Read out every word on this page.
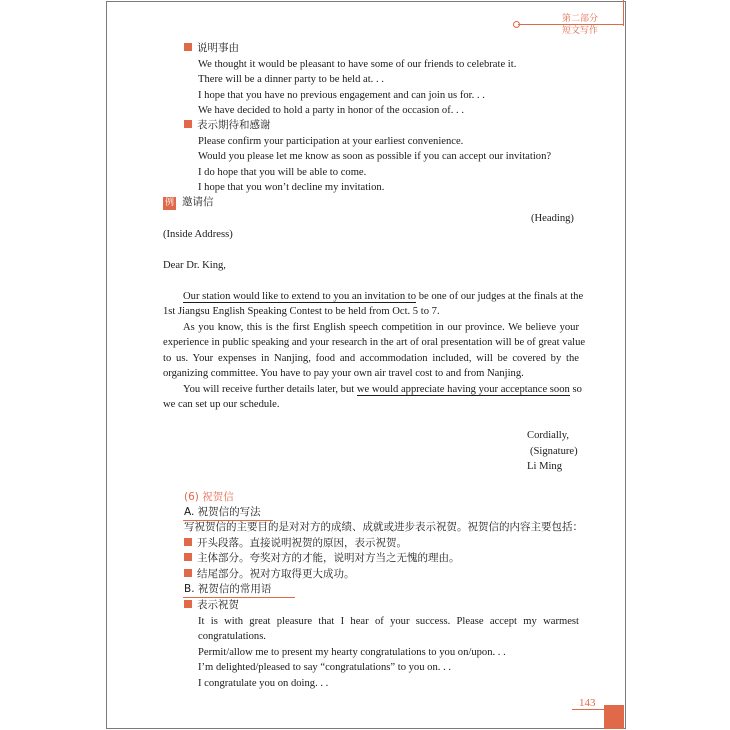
第二部分
短文写作
说明事由
We thought it would be pleasant to have some of our friends to celebrate it.
There will be a dinner party to be held at. . .
I hope that you have no previous engagement and can join us for. . .
We have decided to hold a party in honor of the occasion of. . .
表示期待和感谢
Please confirm your participation at your earliest convenience.
Would you please let me know as soon as possible if you can accept our invitation?
I do hope that you will be able to come.
I hope that you won’t decline my invitation.
例 邀请信
(Heading)
(Inside Address)
Dear Dr. King,
Our station would like to extend to you an invitation to be one of our judges at the finals at the
1st Jiangsu English Speaking Contest to be held from Oct. 5 to 7.
As you know, this is the first English speech competition in our province. We believe your
experience in public speaking and your research in the art of oral presentation will be of great value
to us. Your expenses in Nanjing, food and accommodation included, will be covered by the
organizing committee. You have to pay your own air travel cost to and from Nanjing.
You will receive further details later, but we would appreciate having your acceptance soon so
we can set up our schedule.
Cordially,
(Signature)
Li Ming
(6) 祝贺信
A. 祝贺信的写法
写祝贺信的主要目的是对对方的成绩、成就或进步表示祝贺。祝贺信的内容主要包括：
开头段落。直接说明祝贺的原因，表示祝贺。
主体部分。夸奖对方的才能，说明对方当之无愧的理由。
结尾部分。祝对方取得更大成功。
B. 祝贺信的常用语
表示祝贺
It is with great pleasure that I hear of your success. Please accept my warmest
congratulations.
Permit/allow me to present my hearty congratulations to you on/upon. . .
I’m delighted/pleased to say “congratulations” to you on. . .
I congratulate you on doing. . .
143
